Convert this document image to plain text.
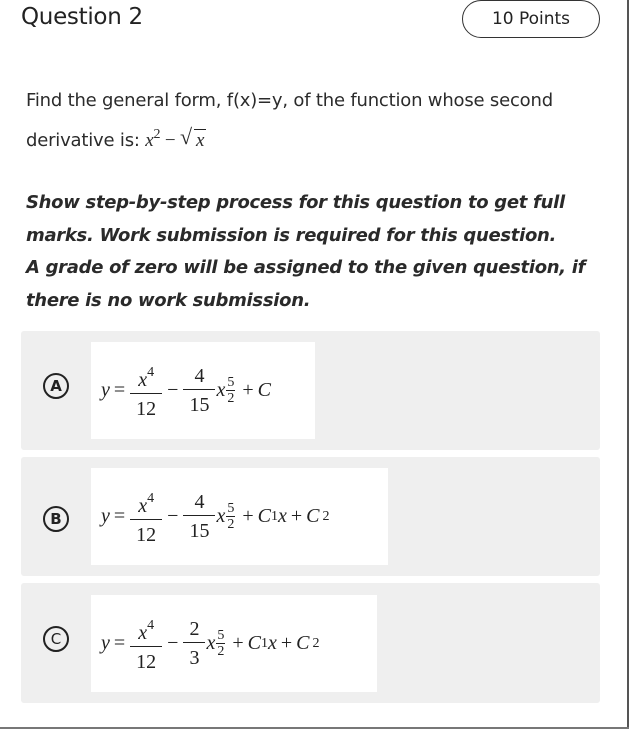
Question 2	10 Points
Find the general form, f(x)=y, of the function whose second
derivative is: $x^2$ − √ x
Show step-by-step process for this question to get full
marks. Work submission is required for this question.
A grade of zero will be assigned to the given question, if
there is no work submission.
A $y = \frac{x^4}{12} - \frac{4}{15}$ x $\frac{5}{2} + C$
B $y = \frac{x^4}{12} - \frac{4}{15}$ x $\frac{5}{2} + C$ 1 x + C 2
C $y = \frac{x^4}{12} - \frac{2}{3}$ x $\frac{5}{2} + C$ 1 x + C 2
